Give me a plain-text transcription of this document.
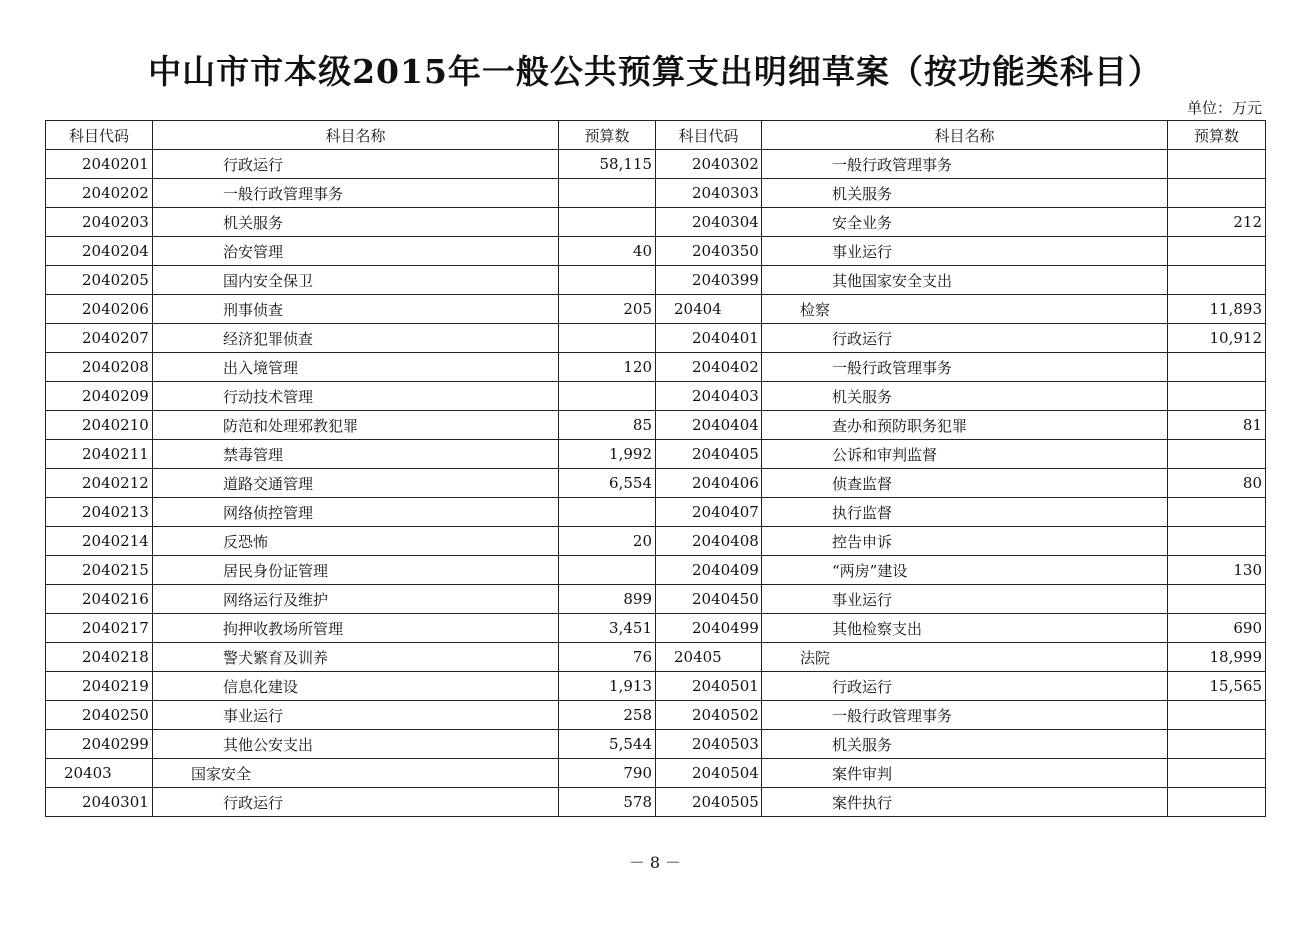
中山市市本级2015年一般公共预算支出明细草案（按功能类科目）
单位：万元
科目代码	科目名称	预算数	科目代码	科目名称	预算数
2040201	行政运行	58,115	2040302	一般行政管理事务	
2040202	一般行政管理事务		2040303	机关服务	
2040203	机关服务		2040304	安全业务	212
2040204	治安管理	40	2040350	事业运行	
2040205	国内安全保卫		2040399	其他国家安全支出	
2040206	刑事侦查	205	20404	检察	11,893
2040207	经济犯罪侦查		2040401	行政运行	10,912
2040208	出入境管理	120	2040402	一般行政管理事务	
2040209	行动技术管理		2040403	机关服务	
2040210	防范和处理邪教犯罪	85	2040404	查办和预防职务犯罪	81
2040211	禁毒管理	1,992	2040405	公诉和审判监督	
2040212	道路交通管理	6,554	2040406	侦查监督	80
2040213	网络侦控管理		2040407	执行监督	
2040214	反恐怖	20	2040408	控告申诉	
2040215	居民身份证管理		2040409	“两房”建设	130
2040216	网络运行及维护	899	2040450	事业运行	
2040217	拘押收教场所管理	3,451	2040499	其他检察支出	690
2040218	警犬繁育及训养	76	20405	法院	18,999
2040219	信息化建设	1,913	2040501	行政运行	15,565
2040250	事业运行	258	2040502	一般行政管理事务	
2040299	其他公安支出	5,544	2040503	机关服务	
20403	国家安全	790	2040504	案件审判	
2040301	行政运行	578	2040505	案件执行	
－ 8 －
